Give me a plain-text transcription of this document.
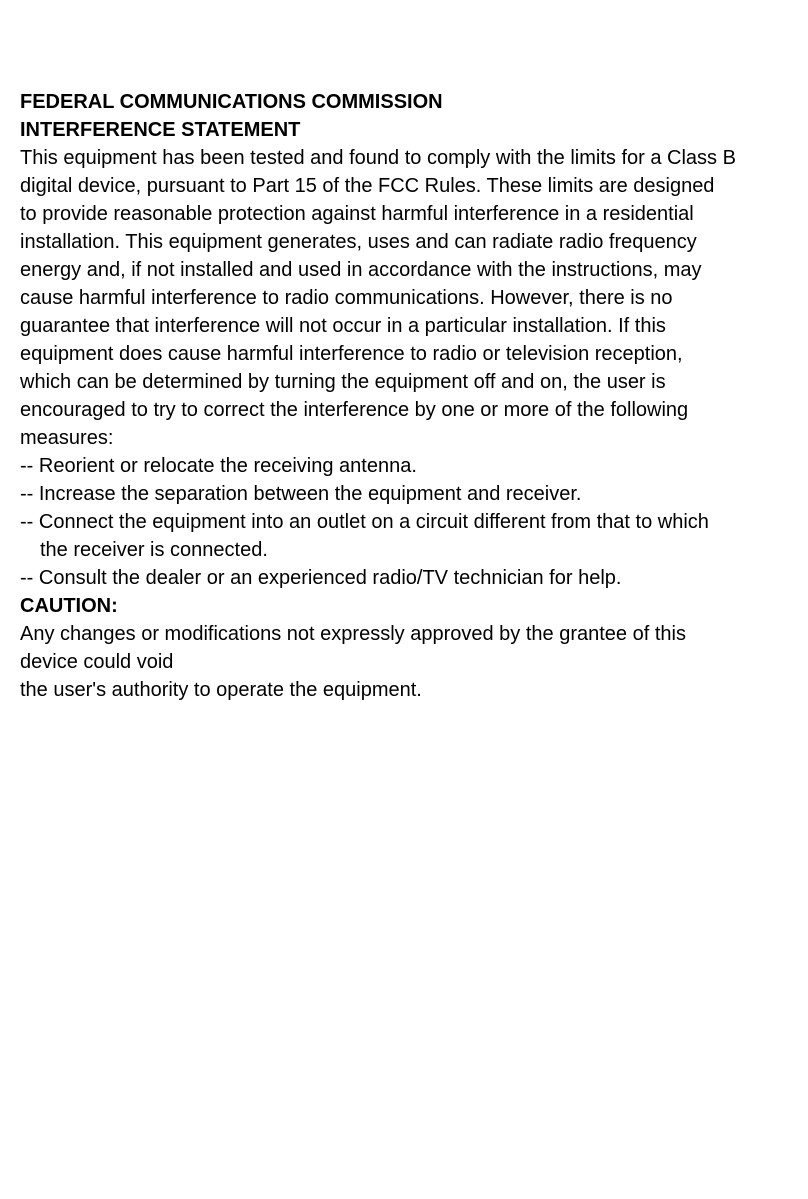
FEDERAL COMMUNICATIONS COMMISSION
INTERFERENCE STATEMENT
This equipment has been tested and found to comply with the limits for a Class B
digital device, pursuant to Part 15 of the FCC Rules. These limits are designed
to provide reasonable protection against harmful interference in a residential
installation. This equipment generates, uses and can radiate radio frequency
energy and, if not installed and used in accordance with the instructions, may
cause harmful interference to radio communications. However, there is no
guarantee that interference will not occur in a particular installation. If this
equipment does cause harmful interference to radio or television reception,
which can be determined by turning the equipment off and on, the user is
encouraged to try to correct the interference by one or more of the following
measures:
-- Reorient or relocate the receiving antenna.
-- Increase the separation between the equipment and receiver.
-- Connect the equipment into an outlet on a circuit different from that to which
the receiver is connected.
-- Consult the dealer or an experienced radio/TV technician for help.
CAUTION:
Any changes or modifications not expressly approved by the grantee of this
device could void
the user's authority to operate the equipment.
